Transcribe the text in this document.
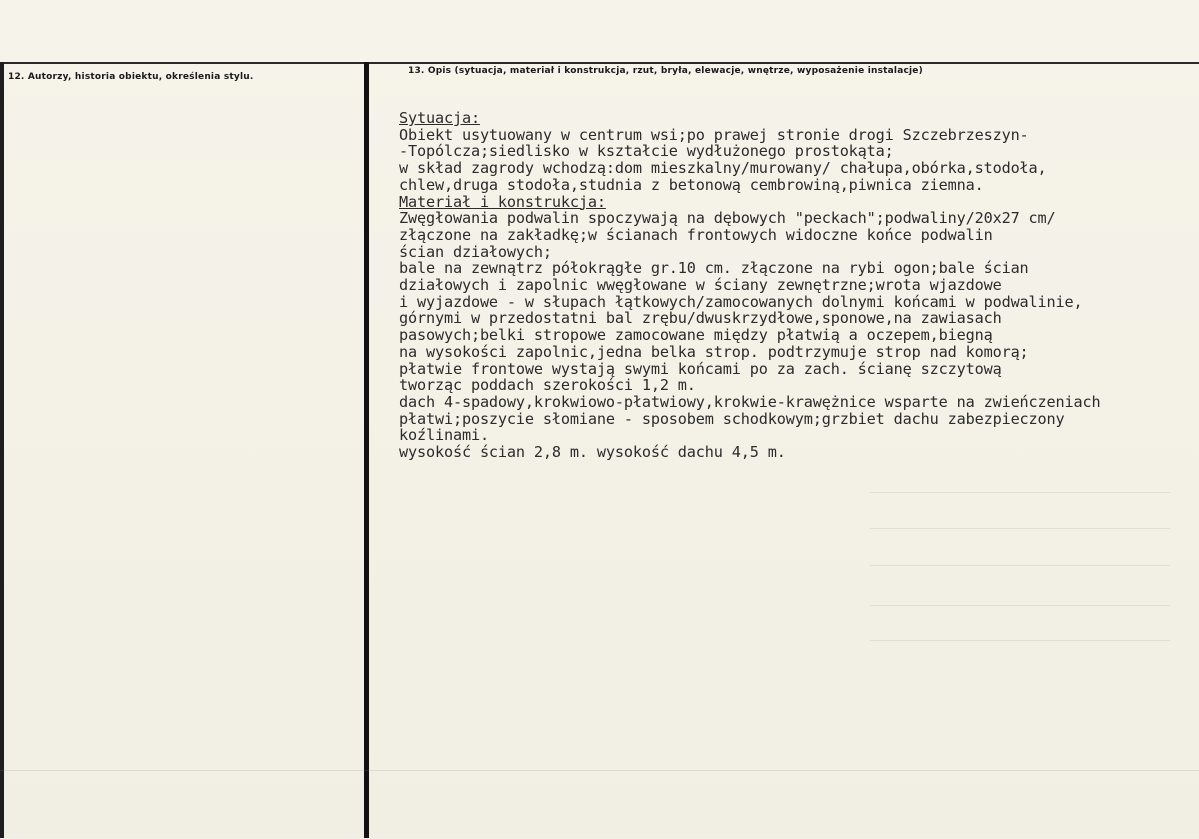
12. Autorzy, historia obiektu, określenia stylu.
13. Opis (sytuacja, materiał i konstrukcja, rzut, bryła, elewacje, wnętrze, wyposażenie instalacje)

Sytuacja:

Obiekt usytuowany w centrum wsi;po prawej stronie drogi Szczebrzeszyn-

-Topólcza;siedlisko w kształcie wydłużonego prostokąta;

w skład zagrody wchodzą:dom mieszkalny/murowany/ chałupa,obórka,stodoła,

chlew,druga stodoła,studnia z betonową cembrowiną,piwnica ziemna.

Materiał i konstrukcja:

Zwęgłowania podwalin spoczywają na dębowych "peckach";podwaliny/20x27 cm/

złączone na zakładkę;w ścianach frontowych widoczne końce podwalin

ścian działowych;

bale na zewnątrz półokrągłe gr.10 cm. złączone na rybi ogon;bale ścian

działowych i zapolnic wwęgłowane w ściany zewnętrzne;wrota wjazdowe

i wyjazdowe - w słupach łątkowych/zamocowanych dolnymi końcami w podwalinie,

górnymi w przedostatni bal zrębu/dwuskrzydłowe,sponowe,na zawiasach

pasowych;belki stropowe zamocowane między płatwią a oczepem,biegną

na wysokości zapolnic,jedna belka strop. podtrzymuje strop nad komorą;

płatwie frontowe wystają swymi końcami po za zach. ścianę szczytową

tworząc poddach szerokości 1,2 m.

dach 4-spadowy,krokwiowo-płatwiowy,krokwie-krawężnice wsparte na zwieńczeniach

płatwi;poszycie słomiane - sposobem schodkowym;grzbiet dachu zabezpieczony

koźlinami.

wysokość ścian 2,8 m. wysokość dachu 4,5 m.
